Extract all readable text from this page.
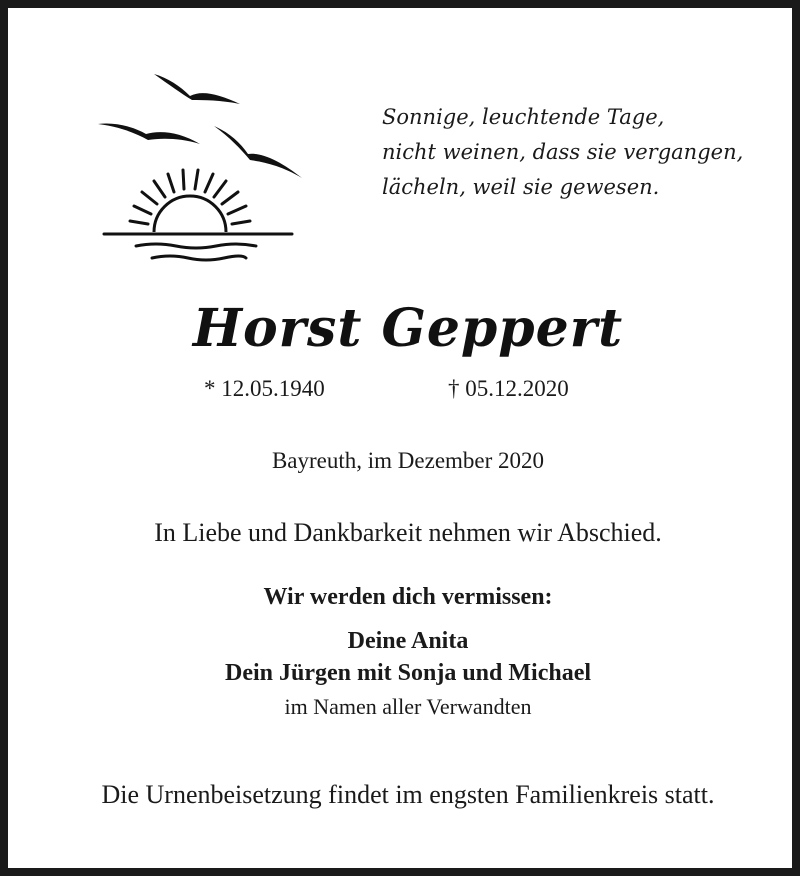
Sonnige, leuchtende Tage,
nicht weinen, dass sie vergangen,
lächeln, weil sie gewesen.
Horst Geppert
* 12.05.1940	† 05.12.2020
Bayreuth, im Dezember 2020
In Liebe und Dankbarkeit nehmen wir Abschied.
Wir werden dich vermissen:
Deine Anita
Dein Jürgen mit Sonja und Michael
im Namen aller Verwandten
Die Urnenbeisetzung findet im engsten Familienkreis statt.
